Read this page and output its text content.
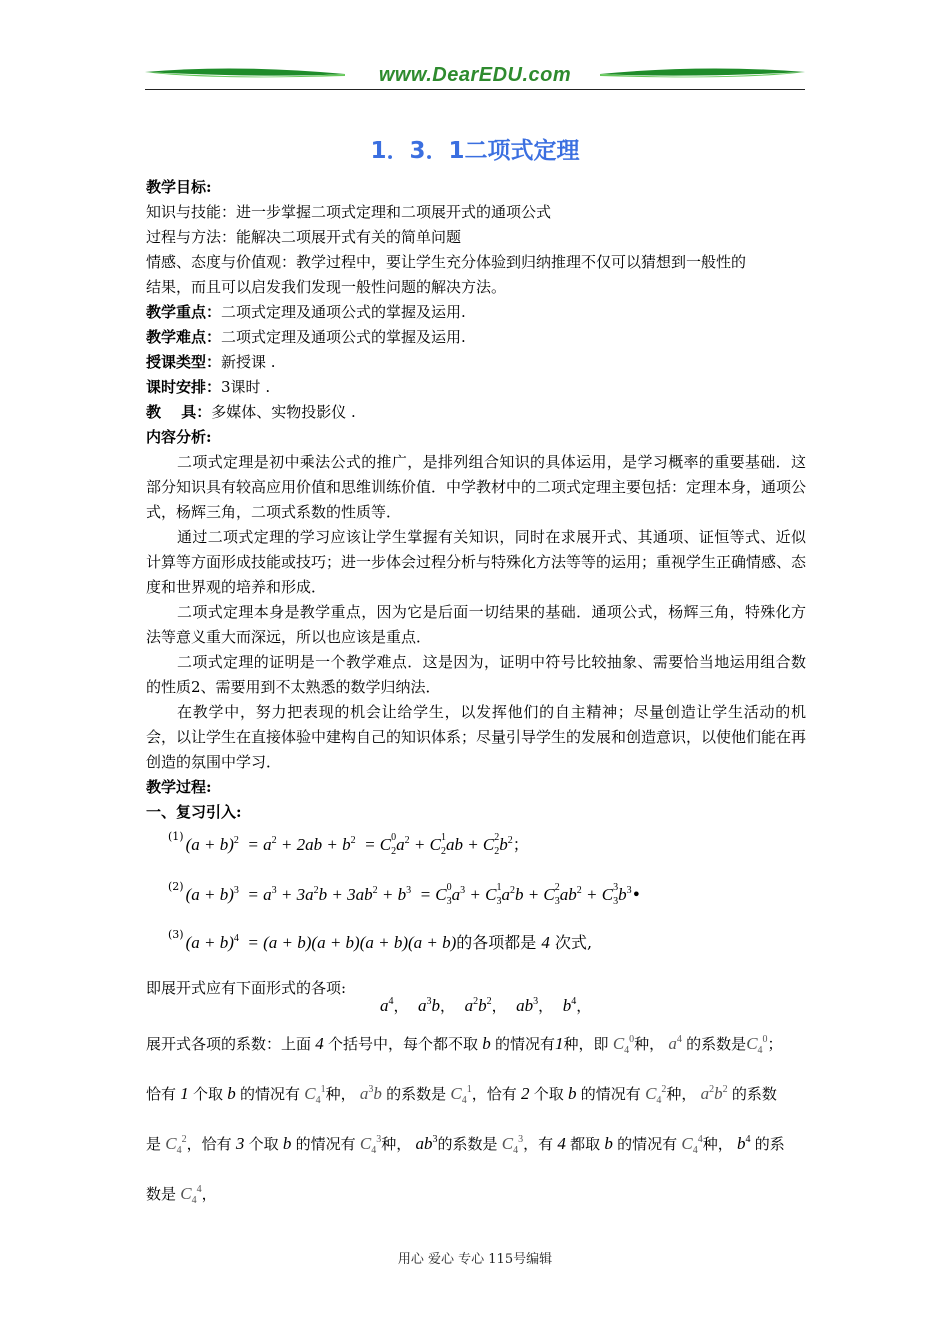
www.DearEDU.com
1．3．1二项式定理
教学目标:
知识与技能：进一步掌握二项式定理和二项展开式的通项公式
过程与方法：能解决二项展开式有关的简单问题
情感、态度与价值观：教学过程中，要让学生充分体验到归纳推理不仅可以猜想到一般性的
结果，而且可以启发我们发现一般性问题的解决方法。
教学重点：二项式定理及通项公式的掌握及运用.
教学难点：二项式定理及通项公式的掌握及运用.
授课类型：新授课 .
课时安排：3课时 .
教　 具：多媒体、实物投影仪 .
内容分析:
二项式定理是初中乘法公式的推广，是排列组合知识的具体运用，是学习概率的重要基础．这部分知识具有较高应用价值和思维训练价值．中学教材中的二项式定理主要包括：定理本身，通项公式，杨辉三角，二项式系数的性质等．
通过二项式定理的学习应该让学生掌握有关知识，同时在求展开式、其通项、证恒等式、近似计算等方面形成技能或技巧；进一步体会过程分析与特殊化方法等等的运用；重视学生正确情感、态度和世界观的培养和形成．
二项式定理本身是教学重点，因为它是后面一切结果的基础．通项公式，杨辉三角，特殊化方法等意义重大而深远，所以也应该是重点．
二项式定理的证明是一个教学难点．这是因为，证明中符号比较抽象、需要恰当地运用组合数的性质2、需要用到不太熟悉的数学归纳法．
在教学中，努力把表现的机会让给学生，以发挥他们的自主精神；尽量创造让学生活动的机会，以让学生在直接体验中建构自己的知识体系；尽量引导学生的发展和创造意识，以使他们能在再创造的氛围中学习．
教学过程:
一、复习引入:
$^{(1)}$ $(a + b)^2 = a^2 + 2ab + b^2 = C$ $_{0 2}a^2 + C$ $_{1 2}$ab + C $_{2 2}b^2$；
$^{(2)}$ $(a + b)^3 = a^3 + 3a^2b + 3ab^2 + b^3 = C$ $_{0 3}a^3 + C$ $_{1 3}a^2b + C$ $_{2 3}ab^2 + C$ $_{3 3}b^3•$
$^{(3)}$ $(a + b)^4 = (a + b)(a + b)(a + b)(a + b)$的各项都是 4 次式,
即展开式应有下面形式的各项:
$a^4$，  $a^3b$，  $a^2b^2$，  $ab^3$，  $b^4$，
展开式各项的系数：上面 4 个括号中，每个都不取 b 的情况有1种，即 $C_4^0$种， $a^4$ 的系数是$C_4^0$；
恰有 1 个取 b 的情况有 $C_4^1$种， $a^3b$ 的系数是 $C_4^1$，恰有 2 个取 b 的情况有 $C_4^2$种， $a^2b^2$ 的系数
是 $C_4^2$，恰有 3 个取 b 的情况有 $C_4^3$种， $ab^3$的系数是 $C_4^3$，有 4 都取 b 的情况有 $C_4^4$种， $b^4$ 的系
数是 $C_4^4$，
用心 爱心 专心 115号编辑
